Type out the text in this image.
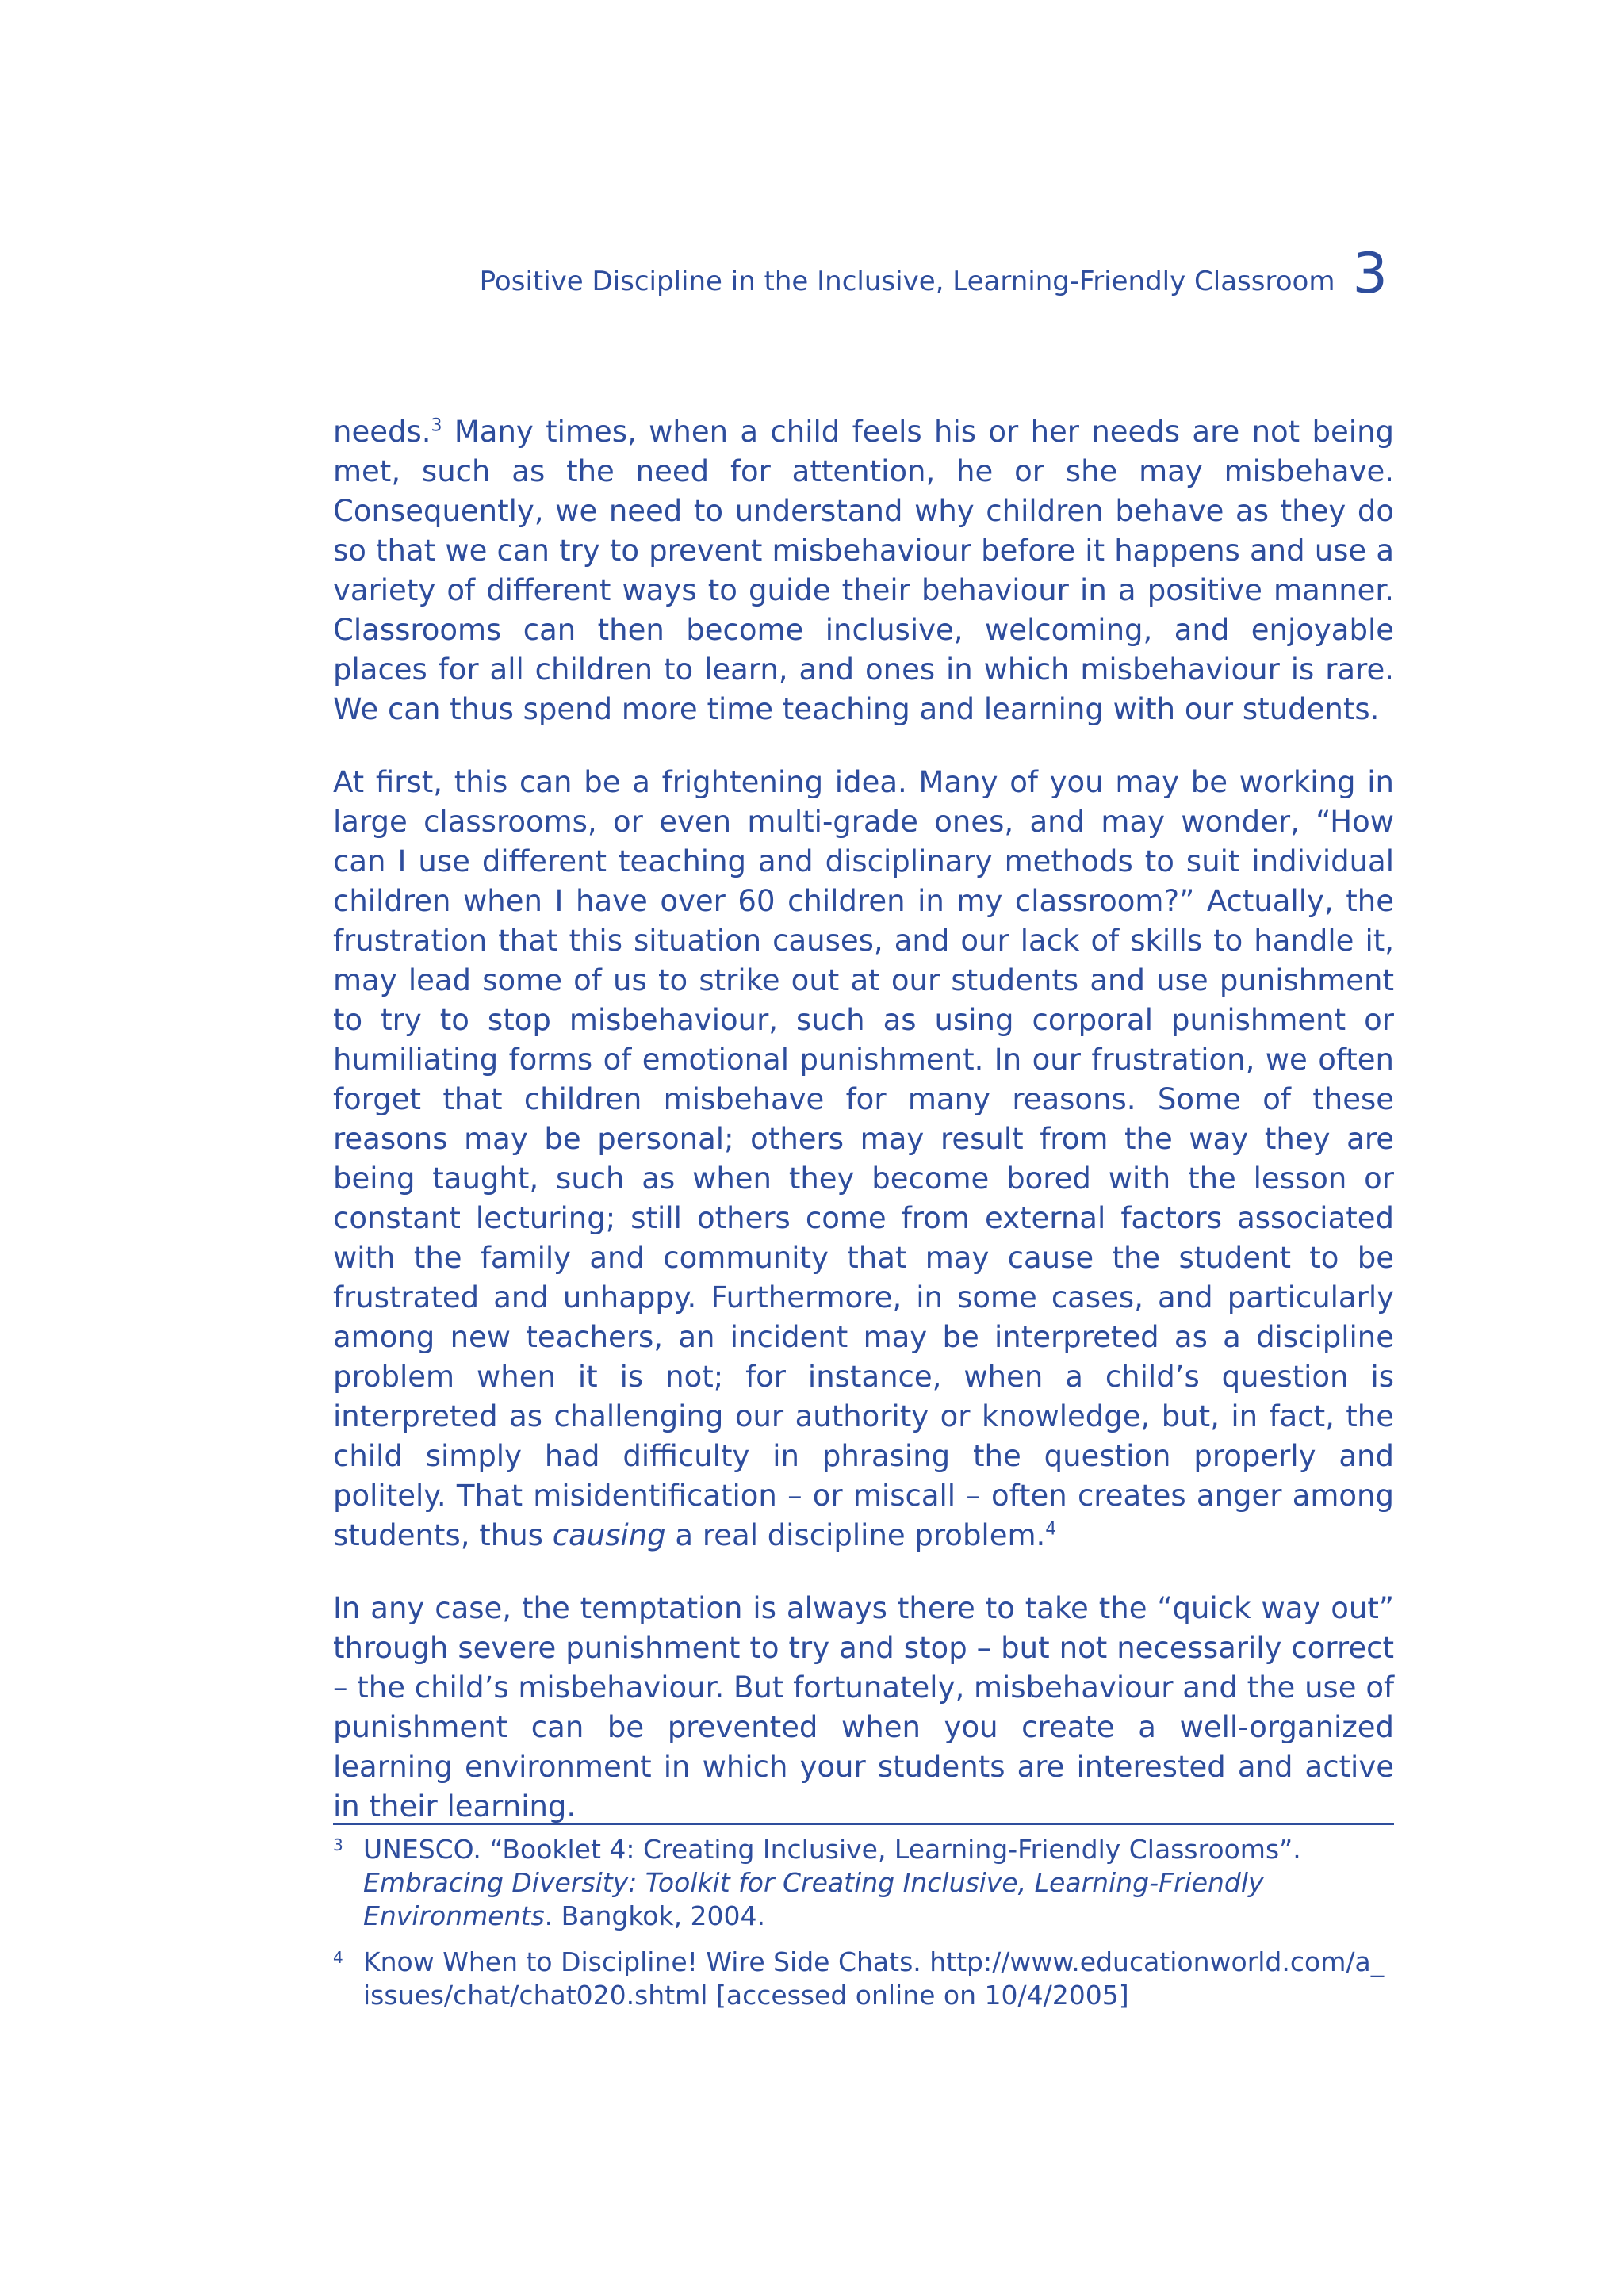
Positive Discipline in the Inclusive, Learning-Friendly Classroom 3

needs.$^3$ Many times, when a child feels his or her needs are not being met, such as the need for attention, he or she may misbehave. Consequently, we need to understand why children behave as they do so that we can try to prevent misbehaviour before it happens and use a variety of different ways to guide their behaviour in a positive manner. Classrooms can then become inclusive, welcoming, and enjoyable places for all children to learn, and ones in which misbehaviour is rare. We can thus spend more time teaching and learning with our students.

At first, this can be a frightening idea. Many of you may be working in large classrooms, or even multi-grade ones, and may wonder, “How can I use different teaching and disciplinary methods to suit individual children when I have over 60 children in my classroom?” Actually, the frustration that this situation causes, and our lack of skills to handle it, may lead some of us to strike out at our students and use punishment to try to stop misbehaviour, such as using corporal punishment or humiliating forms of emotional punishment. In our frustration, we often forget that children misbehave for many reasons. Some of these reasons may be personal; others may result from the way they are being taught, such as when they become bored with the lesson or constant lecturing; still others come from external factors associated with the family and community that may cause the student to be frustrated and unhappy. Furthermore, in some cases, and particularly among new teachers, an incident may be interpreted as a discipline problem when it is not; for instance, when a child’s question is interpreted as challenging our authority or knowledge, but, in fact, the child simply had difficulty in phrasing the question properly and politely. That misidentification – or miscall – often creates anger among students, thus causing a real discipline problem.$^4$

In any case, the temptation is always there to take the “quick way out” through severe punishment to try and stop – but not necessarily correct – the child’s misbehaviour. But fortunately, misbehaviour and the use of punishment can be prevented when you create a well-organized learning environment in which your students are interested and active in their learning.

3 UNESCO. “Booklet 4: Creating Inclusive, Learning-Friendly Classrooms”. Embracing Diversity: Toolkit for Creating Inclusive, Learning-Friendly Environments. Bangkok, 2004.
4 Know When to Discipline! Wire Side Chats. http://www.educationworld.com/a_
issues/chat/chat020.shtml [accessed online on 10/4/2005]
